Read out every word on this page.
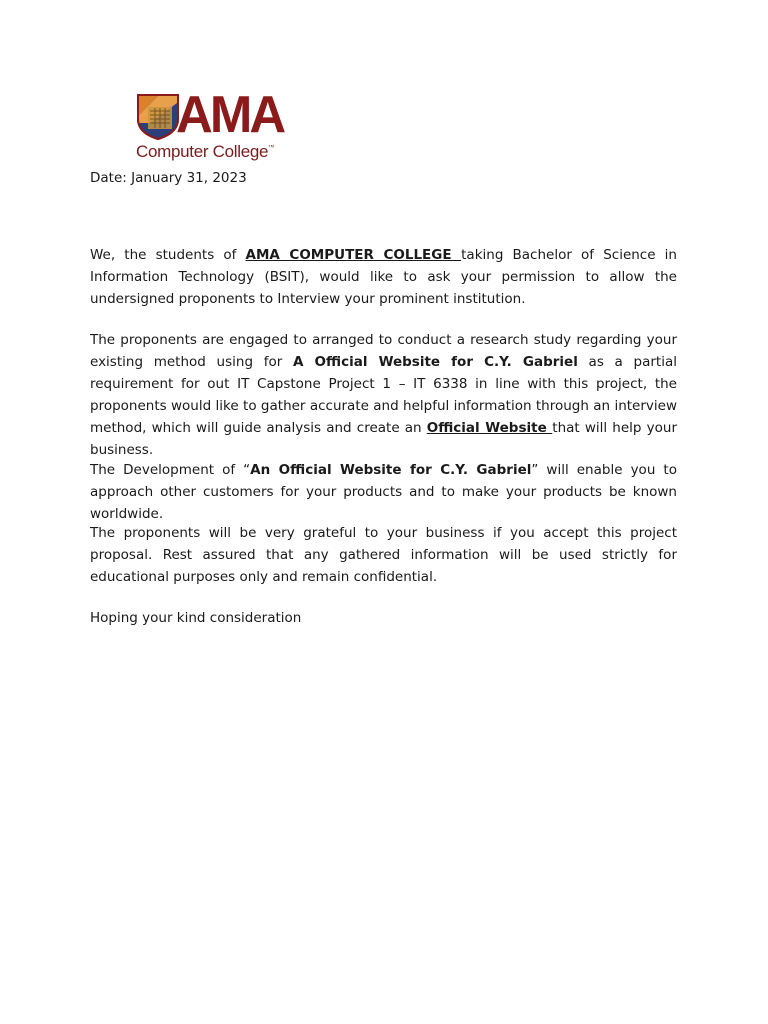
AMA
Computer College™
Date: January 31, 2023

We, the students of AMA COMPUTER COLLEGE taking Bachelor of Science in Information Technology (BSIT), would like to ask your permission to allow the undersigned proponents to Interview your prominent institution.

The proponents are engaged to arranged to conduct a research study regarding your existing method using for A Official Website for C.Y. Gabriel as a partial requirement for out IT Capstone Project 1 – IT 6338 in line with this project, the proponents would like to gather accurate and helpful information through an interview method, which will guide analysis and create an Official Website that will help your business.

The Development of “An Official Website for C.Y. Gabriel” will enable you to approach other customers for your products and to make your products be known worldwide.

The proponents will be very grateful to your business if you accept this project proposal. Rest assured that any gathered information will be used strictly for educational purposes only and remain confidential.

Hoping your kind consideration
